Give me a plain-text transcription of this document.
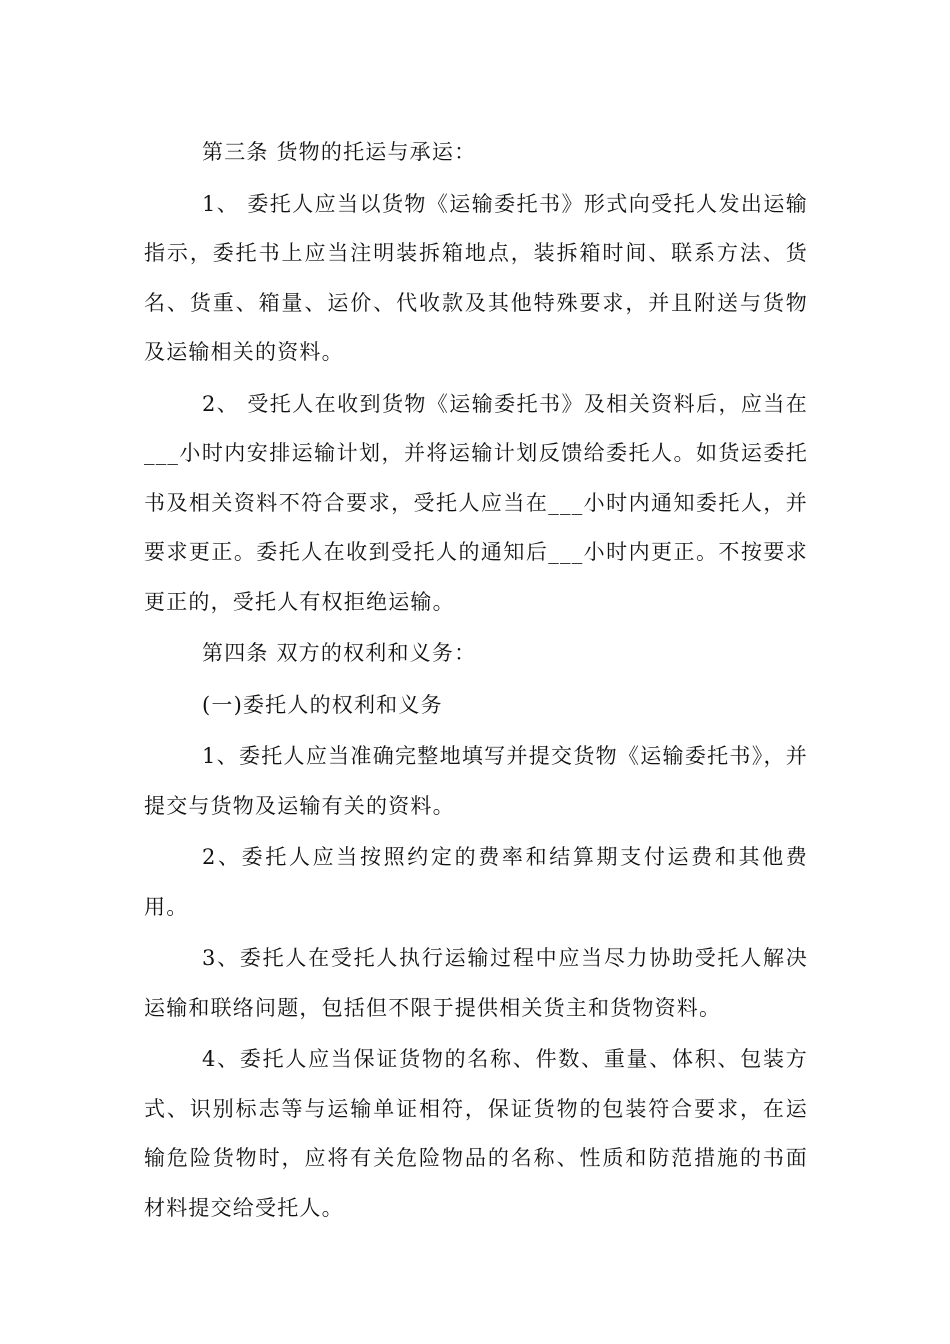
第三条 货物的托运与承运：

1、 委托人应当以货物《运输委托书》形式向受托人发出运输指示，委托书上应当注明装拆箱地点，装拆箱时间、联系方法、货名、货重、箱量、运价、代收款及其他特殊要求，并且附送与货物及运输相关的资料。

2、 受托人在收到货物《运输委托书》及相关资料后，应当在___小时内安排运输计划，并将运输计划反馈给委托人。如货运委托书及相关资料不符合要求，受托人应当在___小时内通知委托人，并要求更正。委托人在收到受托人的通知后___小时内更正。不按要求更正的，受托人有权拒绝运输。

第四条 双方的权利和义务：

(一)委托人的权利和义务

1、委托人应当准确完整地填写并提交货物《运输委托书》，并提交与货物及运输有关的资料。

2、委托人应当按照约定的费率和结算期支付运费和其他费用。

3、委托人在受托人执行运输过程中应当尽力协助受托人解决运输和联络问题，包括但不限于提供相关货主和货物资料。

4、委托人应当保证货物的名称、件数、重量、体积、包装方式、识别标志等与运输单证相符，保证货物的包装符合要求，在运输危险货物时，应将有关危险物品的名称、性质和防范措施的书面材料提交给受托人。
